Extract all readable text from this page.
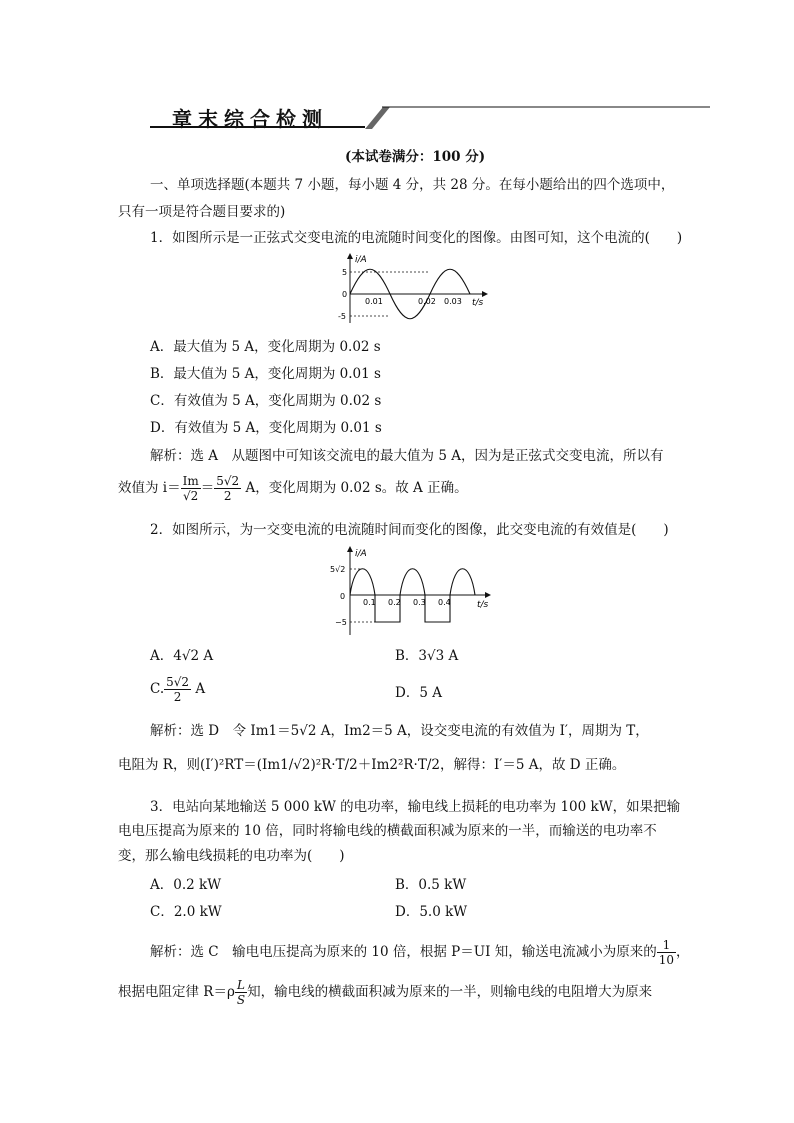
章末综合检测
(本试卷满分：100 分)
一、单项选择题(本题共 7 小题，每小题 4 分，共 28 分。在每小题给出的四个选项中，
只有一项是符合题目要求的)
1．如图所示是一正弦式交变电流的电流随时间变化的图像。由图可知，这个电流的(　　)
i/A
5
0
-5
0.01	0.02 0.03 t/s
A．最大值为 5 A，变化周期为 0.02 s
B．最大值为 5 A，变化周期为 0.01 s
C．有效值为 5 A，变化周期为 0.02 s
D．有效值为 5 A，变化周期为 0.01 s
解析：选 A　从题图中可知该交流电的最大值为 5 A，因为是正弦式交变电流，所以有
效值为 $i= \frac{Im}{√2} = \frac{5√2}{2}$ A，变化周期为 0.02 s。故 A 正确。
2．如图所示，为一交变电流的电流随时间而变化的图像，此交变电流的有效值是(　　)
i/A
5√2
0
−5
0.1 0.2 0.3 0.4	t/s
A．4√2 A	B．3√3 A
C. $\frac{5√2}{2}$ A	D．5 A
解析：选 D　令 Im1＝5√2 A，Im2＝5 A，设交变电流的有效值为 I′，周期为 T，
电阻为 R，则(I′)²RT＝(Im1/√2)²R·T/2＋Im2²R·T/2，解得：I′＝5 A，故 D 正确。
3．电站向某地输送 5 000 kW 的电功率，输电线上损耗的电功率为 100 kW，如果把输
电电压提高为原来的 10 倍，同时将输电线的横截面积减为原来的一半，而输送的电功率不
变，那么输电线损耗的电功率为(　　)
A．0.2 kW	B．0.5 kW
C．2.0 kW	D．5.0 kW
解析：选 C　输电电压提高为原来的 10 倍，根据 P＝UI 知，输送电流减小为原来的 $\frac{1}{10}$ ，
根据电阻定律 $R=\rho \frac{L}{S}$ 知，输电线的横截面积减为原来的一半，则输电线的电阻增大为原来
